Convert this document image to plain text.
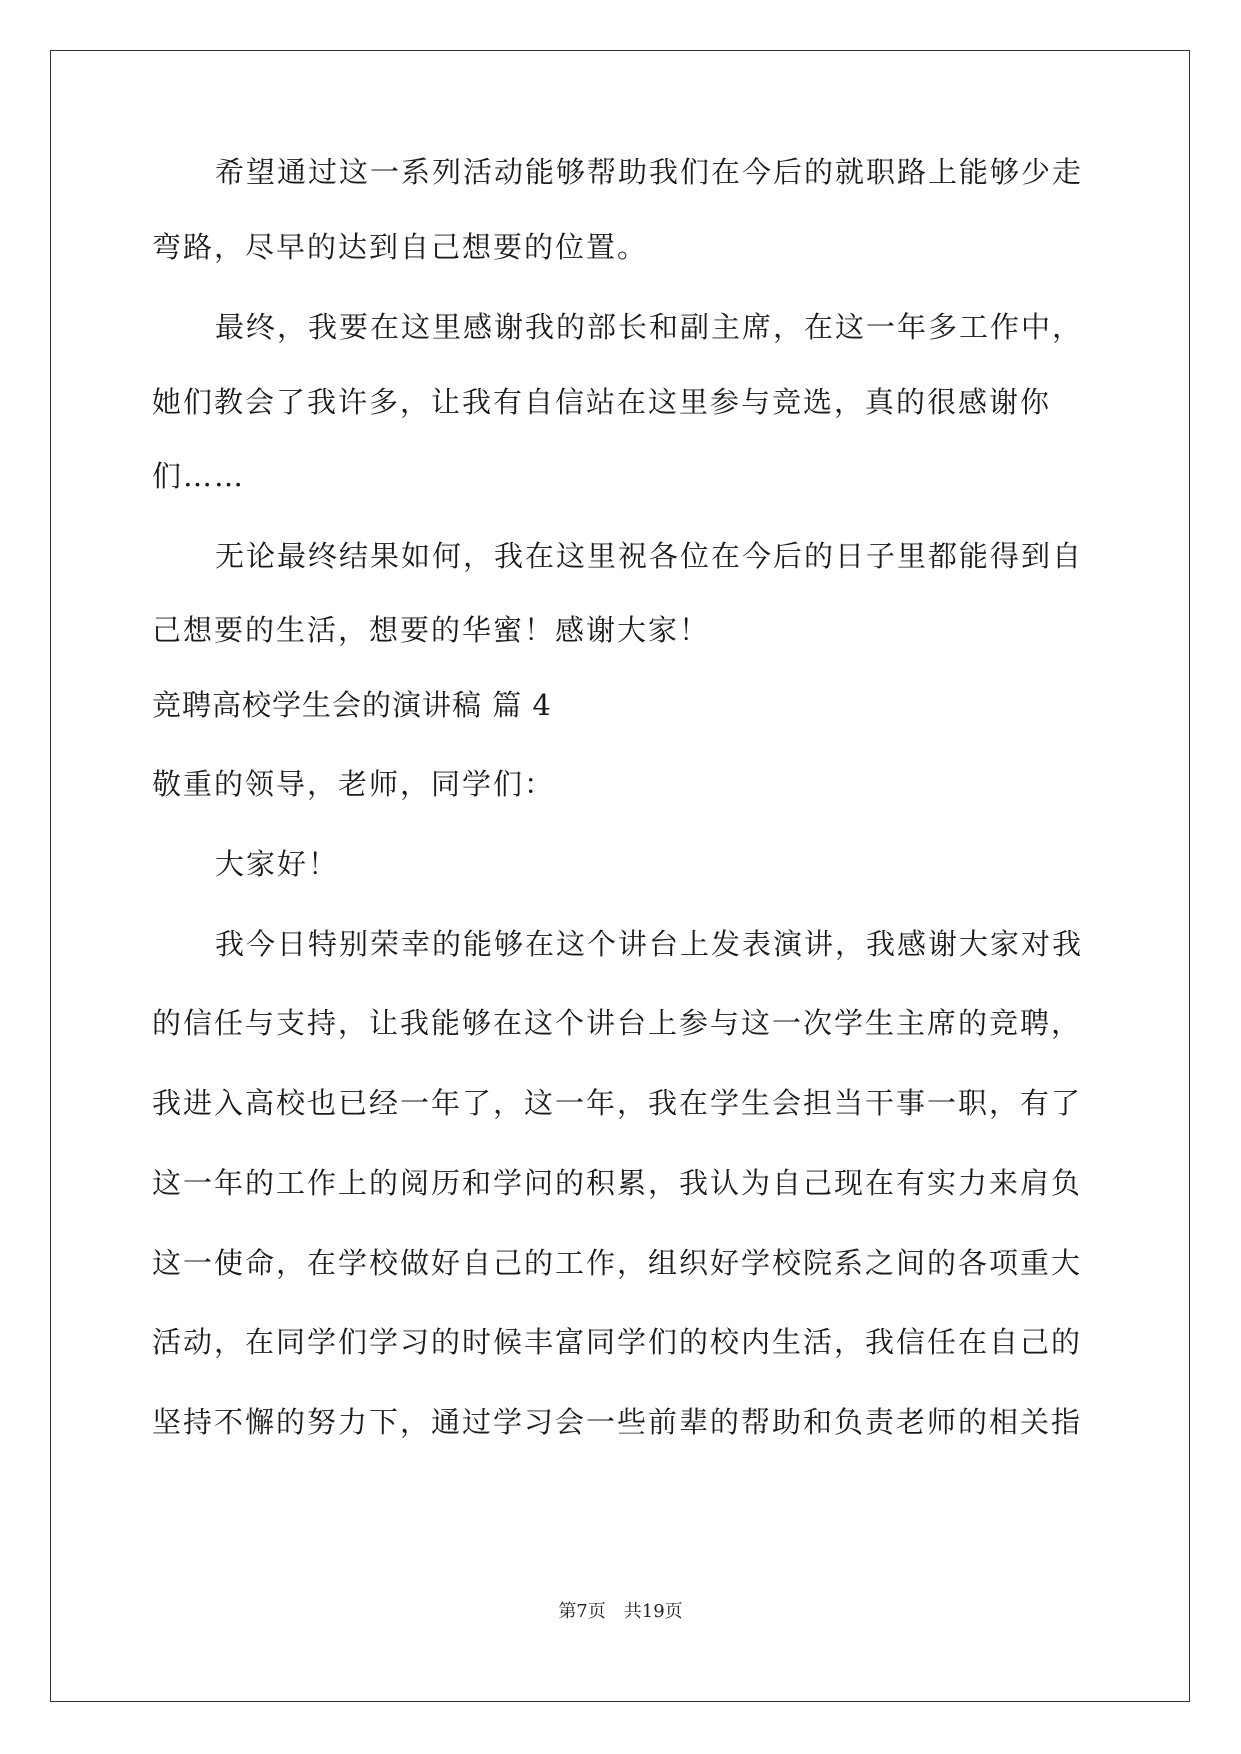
希望通过这一系列活动能够帮助我们在今后的就职路上能够少走
弯路，尽早的达到自己想要的位置。
最终，我要在这里感谢我的部长和副主席，在这一年多工作中，
她们教会了我许多，让我有自信站在这里参与竞选，真的很感谢你
们……
无论最终结果如何，我在这里祝各位在今后的日子里都能得到自
己想要的生活，想要的华蜜！感谢大家！
竞聘高校学生会的演讲稿 篇 4
敬重的领导，老师，同学们：
大家好！
我今日特别荣幸的能够在这个讲台上发表演讲，我感谢大家对我
的信任与支持，让我能够在这个讲台上参与这一次学生主席的竞聘，
我进入高校也已经一年了，这一年，我在学生会担当干事一职，有了
这一年的工作上的阅历和学问的积累，我认为自己现在有实力来肩负
这一使命，在学校做好自己的工作，组织好学校院系之间的各项重大
活动，在同学们学习的时候丰富同学们的校内生活，我信任在自己的
坚持不懈的努力下，通过学习会一些前辈的帮助和负责老师的相关指
第7页 共19页
